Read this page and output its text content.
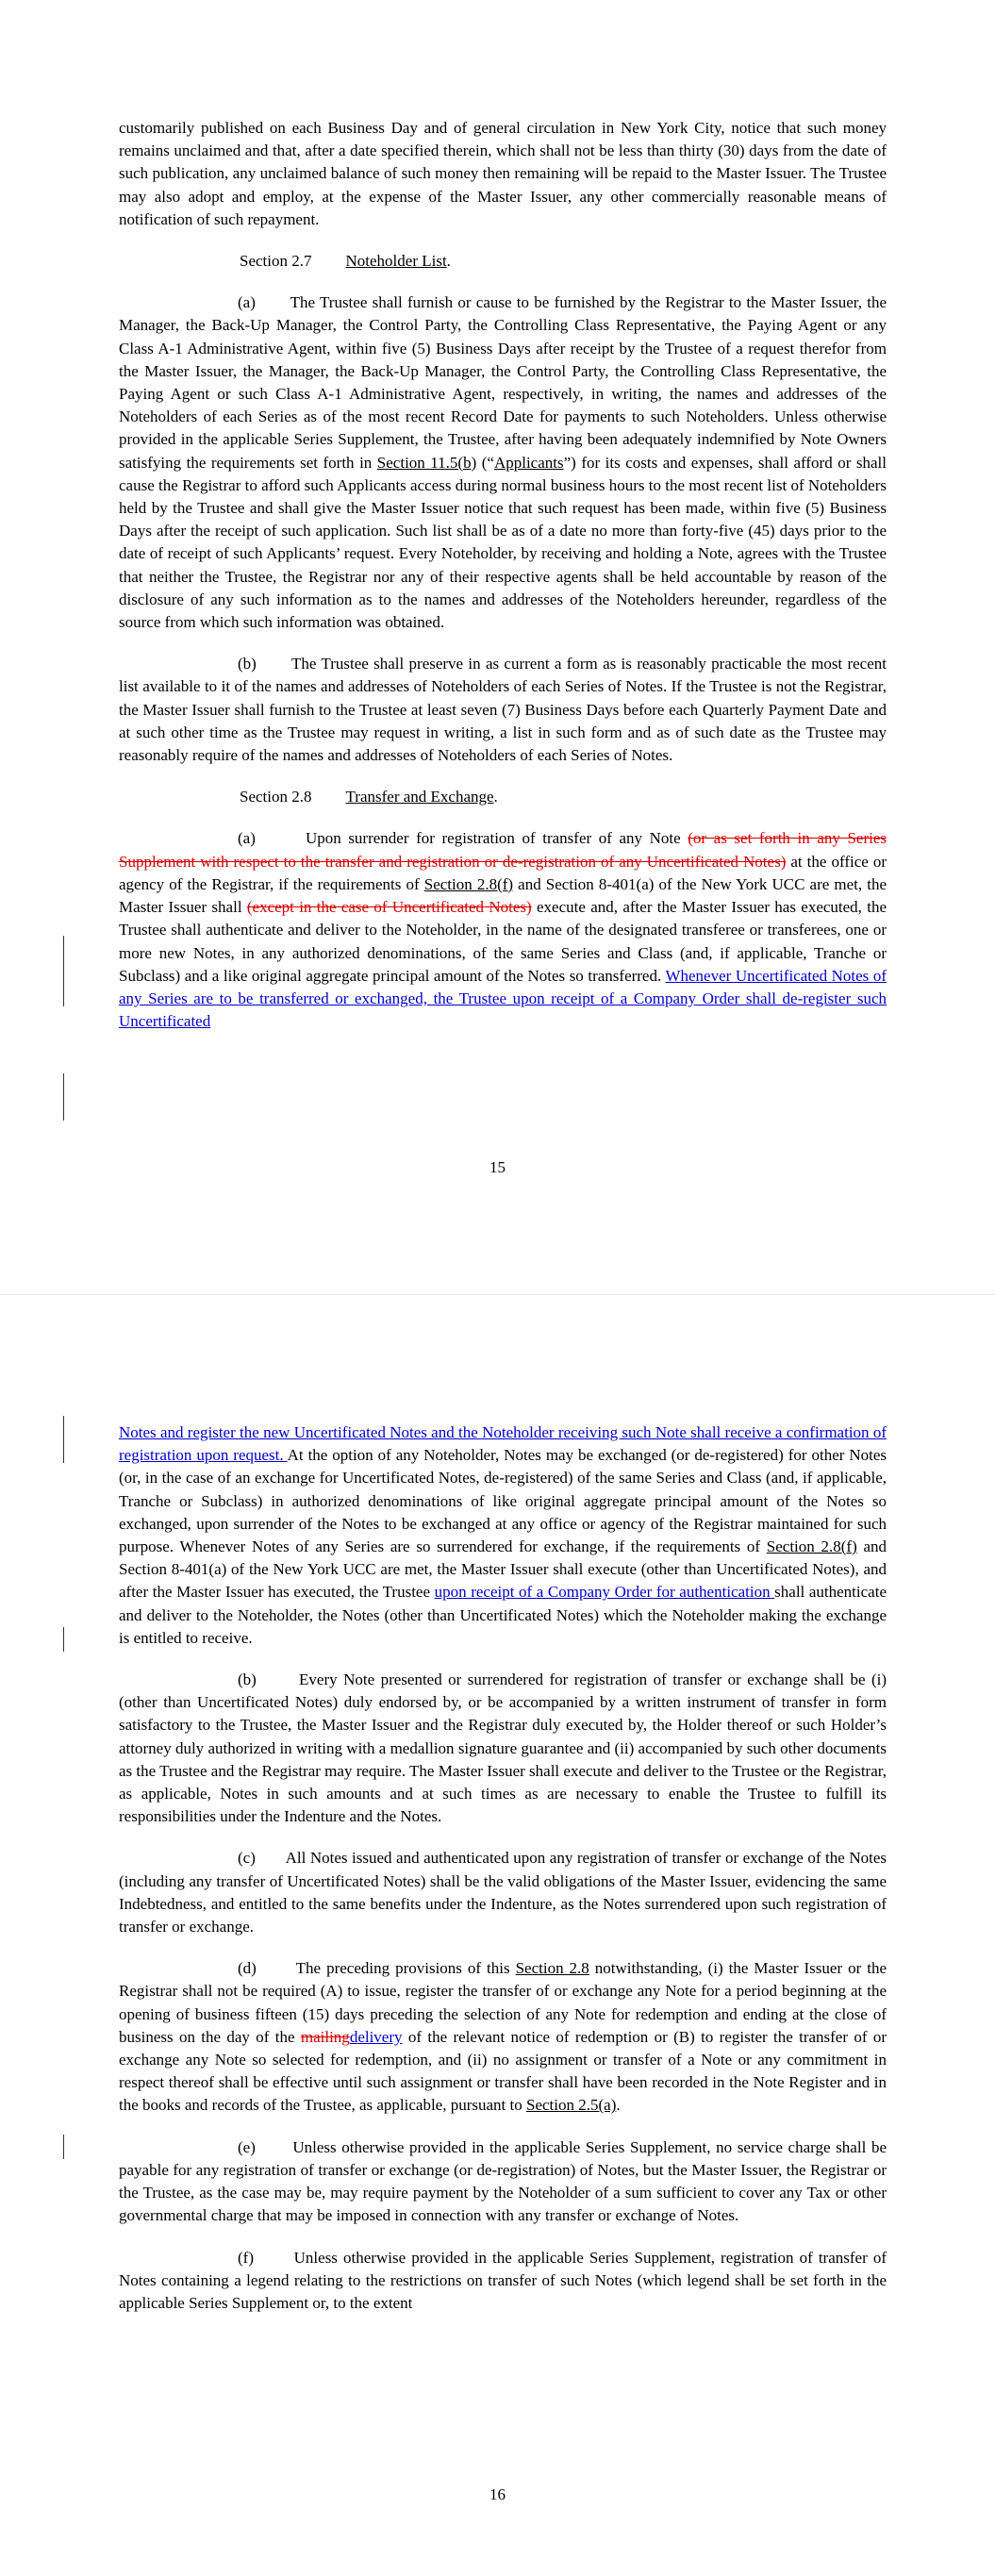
customarily published on each Business Day and of general circulation in New York City, notice that such money remains unclaimed and that, after a date specified therein, which shall not be less than thirty (30) days from the date of such publication, any unclaimed balance of such money then remaining will be repaid to the Master Issuer. The Trustee may also adopt and employ, at the expense of the Master Issuer, any other commercially reasonable means of notification of such repayment.

Section 2.7 Noteholder List.

(a)       The Trustee shall furnish or cause to be furnished by the Registrar to the Master Issuer, the Manager, the Back-Up Manager, the Control Party, the Controlling Class Representative, the Paying Agent or any Class A-1 Administrative Agent, within five (5) Business Days after receipt by the Trustee of a request therefor from the Master Issuer, the Manager, the Back-Up Manager, the Control Party, the Controlling Class Representative, the Paying Agent or such Class A-1 Administrative Agent, respectively, in writing, the names and addresses of the Noteholders of each Series as of the most recent Record Date for payments to such Noteholders. Unless otherwise provided in the applicable Series Supplement, the Trustee, after having been adequately indemnified by Note Owners satisfying the requirements set forth in Section 11.5(b) (“Applicants”) for its costs and expenses, shall afford or shall cause the Registrar to afford such Applicants access during normal business hours to the most recent list of Noteholders held by the Trustee and shall give the Master Issuer notice that such request has been made, within five (5) Business Days after the receipt of such application. Such list shall be as of a date no more than forty-five (45) days prior to the date of receipt of such Applicants’ request. Every Noteholder, by receiving and holding a Note, agrees with the Trustee that neither the Trustee, the Registrar nor any of their respective agents shall be held accountable by reason of the disclosure of any such information as to the names and addresses of the Noteholders hereunder, regardless of the source from which such information was obtained.

(b)       The Trustee shall preserve in as current a form as is reasonably practicable the most recent list available to it of the names and addresses of Noteholders of each Series of Notes. If the Trustee is not the Registrar, the Master Issuer shall furnish to the Trustee at least seven (7) Business Days before each Quarterly Payment Date and at such other time as the Trustee may request in writing, a list in such form and as of such date as the Trustee may reasonably require of the names and addresses of Noteholders of each Series of Notes.

Section 2.8 Transfer and Exchange.

(a)       Upon surrender for registration of transfer of any Note (or as set forth in any Series Supplement with respect to the transfer and registration or de-registration of any Uncertificated Notes) at the office or agency of the Registrar, if the requirements of Section 2.8(f) and Section 8-401(a) of the New York UCC are met, the Master Issuer shall (except in the case of Uncertificated Notes) execute and, after the Master Issuer has executed, the Trustee shall authenticate and deliver to the Noteholder, in the name of the designated transferee or transferees, one or more new Notes, in any authorized denominations, of the same Series and Class (and, if applicable, Tranche or Subclass) and a like original aggregate principal amount of the Notes so transferred. Whenever Uncertificated Notes of any Series are to be transferred or exchanged, the Trustee upon receipt of a Company Order shall de-register such Uncertificated

15

Notes and register the new Uncertificated Notes and the Noteholder receiving such Note shall receive a confirmation of registration upon request. At the option of any Noteholder, Notes may be exchanged (or de-registered) for other Notes (or, in the case of an exchange for Uncertificated Notes, de-registered) of the same Series and Class (and, if applicable, Tranche or Subclass) in authorized denominations of like original aggregate principal amount of the Notes so exchanged, upon surrender of the Notes to be exchanged at any office or agency of the Registrar maintained for such purpose. Whenever Notes of any Series are so surrendered for exchange, if the requirements of Section 2.8(f) and Section 8-401(a) of the New York UCC are met, the Master Issuer shall execute (other than Uncertificated Notes), and after the Master Issuer has executed, the Trustee upon receipt of a Company Order for authentication shall authenticate and deliver to the Noteholder, the Notes (other than Uncertificated Notes) which the Noteholder making the exchange is entitled to receive.

(b)       Every Note presented or surrendered for registration of transfer or exchange shall be (i) (other than Uncertificated Notes) duly endorsed by, or be accompanied by a written instrument of transfer in form satisfactory to the Trustee, the Master Issuer and the Registrar duly executed by, the Holder thereof or such Holder’s attorney duly authorized in writing with a medallion signature guarantee and (ii) accompanied by such other documents as the Trustee and the Registrar may require. The Master Issuer shall execute and deliver to the Trustee or the Registrar, as applicable, Notes in such amounts and at such times as are necessary to enable the Trustee to fulfill its responsibilities under the Indenture and the Notes.

(c)       All Notes issued and authenticated upon any registration of transfer or exchange of the Notes (including any transfer of Uncertificated Notes) shall be the valid obligations of the Master Issuer, evidencing the same Indebtedness, and entitled to the same benefits under the Indenture, as the Notes surrendered upon such registration of transfer or exchange.

(d)       The preceding provisions of this Section 2.8 notwithstanding, (i) the Master Issuer or the Registrar shall not be required (A) to issue, register the transfer of or exchange any Note for a period beginning at the opening of business fifteen (15) days preceding the selection of any Note for redemption and ending at the close of business on the day of the mailingdelivery of the relevant notice of redemption or (B) to register the transfer of or exchange any Note so selected for redemption, and (ii) no assignment or transfer of a Note or any commitment in respect thereof shall be effective until such assignment or transfer shall have been recorded in the Note Register and in the books and records of the Trustee, as applicable, pursuant to Section 2.5(a).

(e)       Unless otherwise provided in the applicable Series Supplement, no service charge shall be payable for any registration of transfer or exchange (or de-registration) of Notes, but the Master Issuer, the Registrar or the Trustee, as the case may be, may require payment by the Noteholder of a sum sufficient to cover any Tax or other governmental charge that may be imposed in connection with any transfer or exchange of Notes.

(f)       Unless otherwise provided in the applicable Series Supplement, registration of transfer of Notes containing a legend relating to the restrictions on transfer of such Notes (which legend shall be set forth in the applicable Series Supplement or, to the extent

16
